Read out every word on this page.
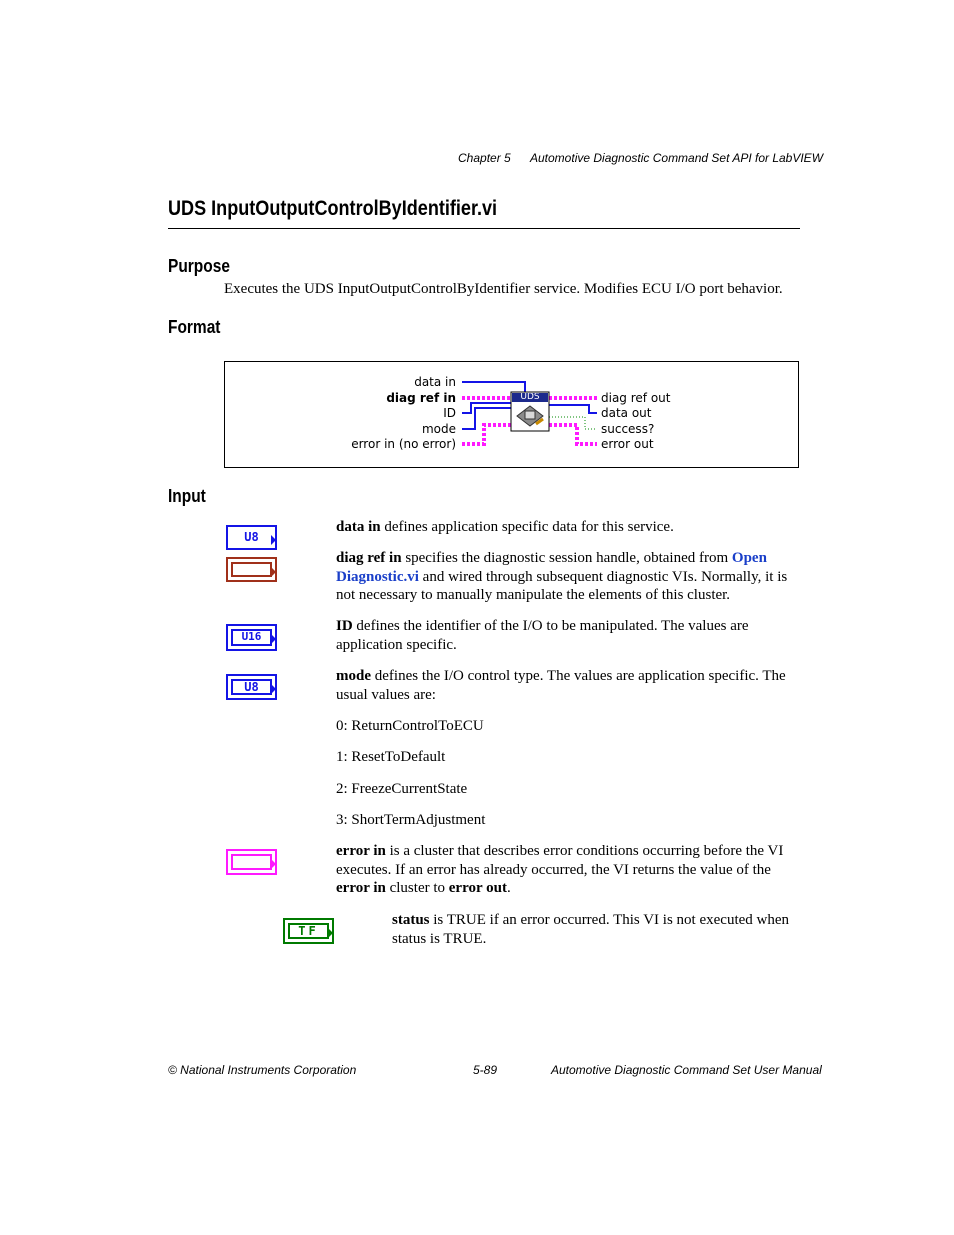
Chapter 5 Automotive Diagnostic Command Set API for LabVIEW
UDS InputOutputControlByIdentifier.vi
Purpose
Executes the UDS InputOutputControlByIdentifier service. Modifies ECU I/O port behavior.
Format
UDS
data in
diag ref in
ID
mode
error in (no error)
diag ref out
data out
success?
error out
Input
U8
data in defines application specific data for this service.
diag ref in specifies the diagnostic session handle, obtained from Open Diagnostic.vi and wired through subsequent diagnostic VIs. Normally, it is not necessary to manually manipulate the elements of this cluster.
U16
ID defines the identifier of the I/O to be manipulated. The values are application specific.
U8
mode defines the I/O control type. The values are application specific. The usual values are:
0: ReturnControlToECU
1: ResetToDefault
2: FreezeCurrentState
3: ShortTermAdjustment
error in is a cluster that describes error conditions occurring before the VI executes. If an error has already occurred, the VI returns the value of the error in cluster to error out.
TF
status is TRUE if an error occurred. This VI is not executed when status is TRUE.
© National Instruments Corporation	5-89	Automotive Diagnostic Command Set User Manual
